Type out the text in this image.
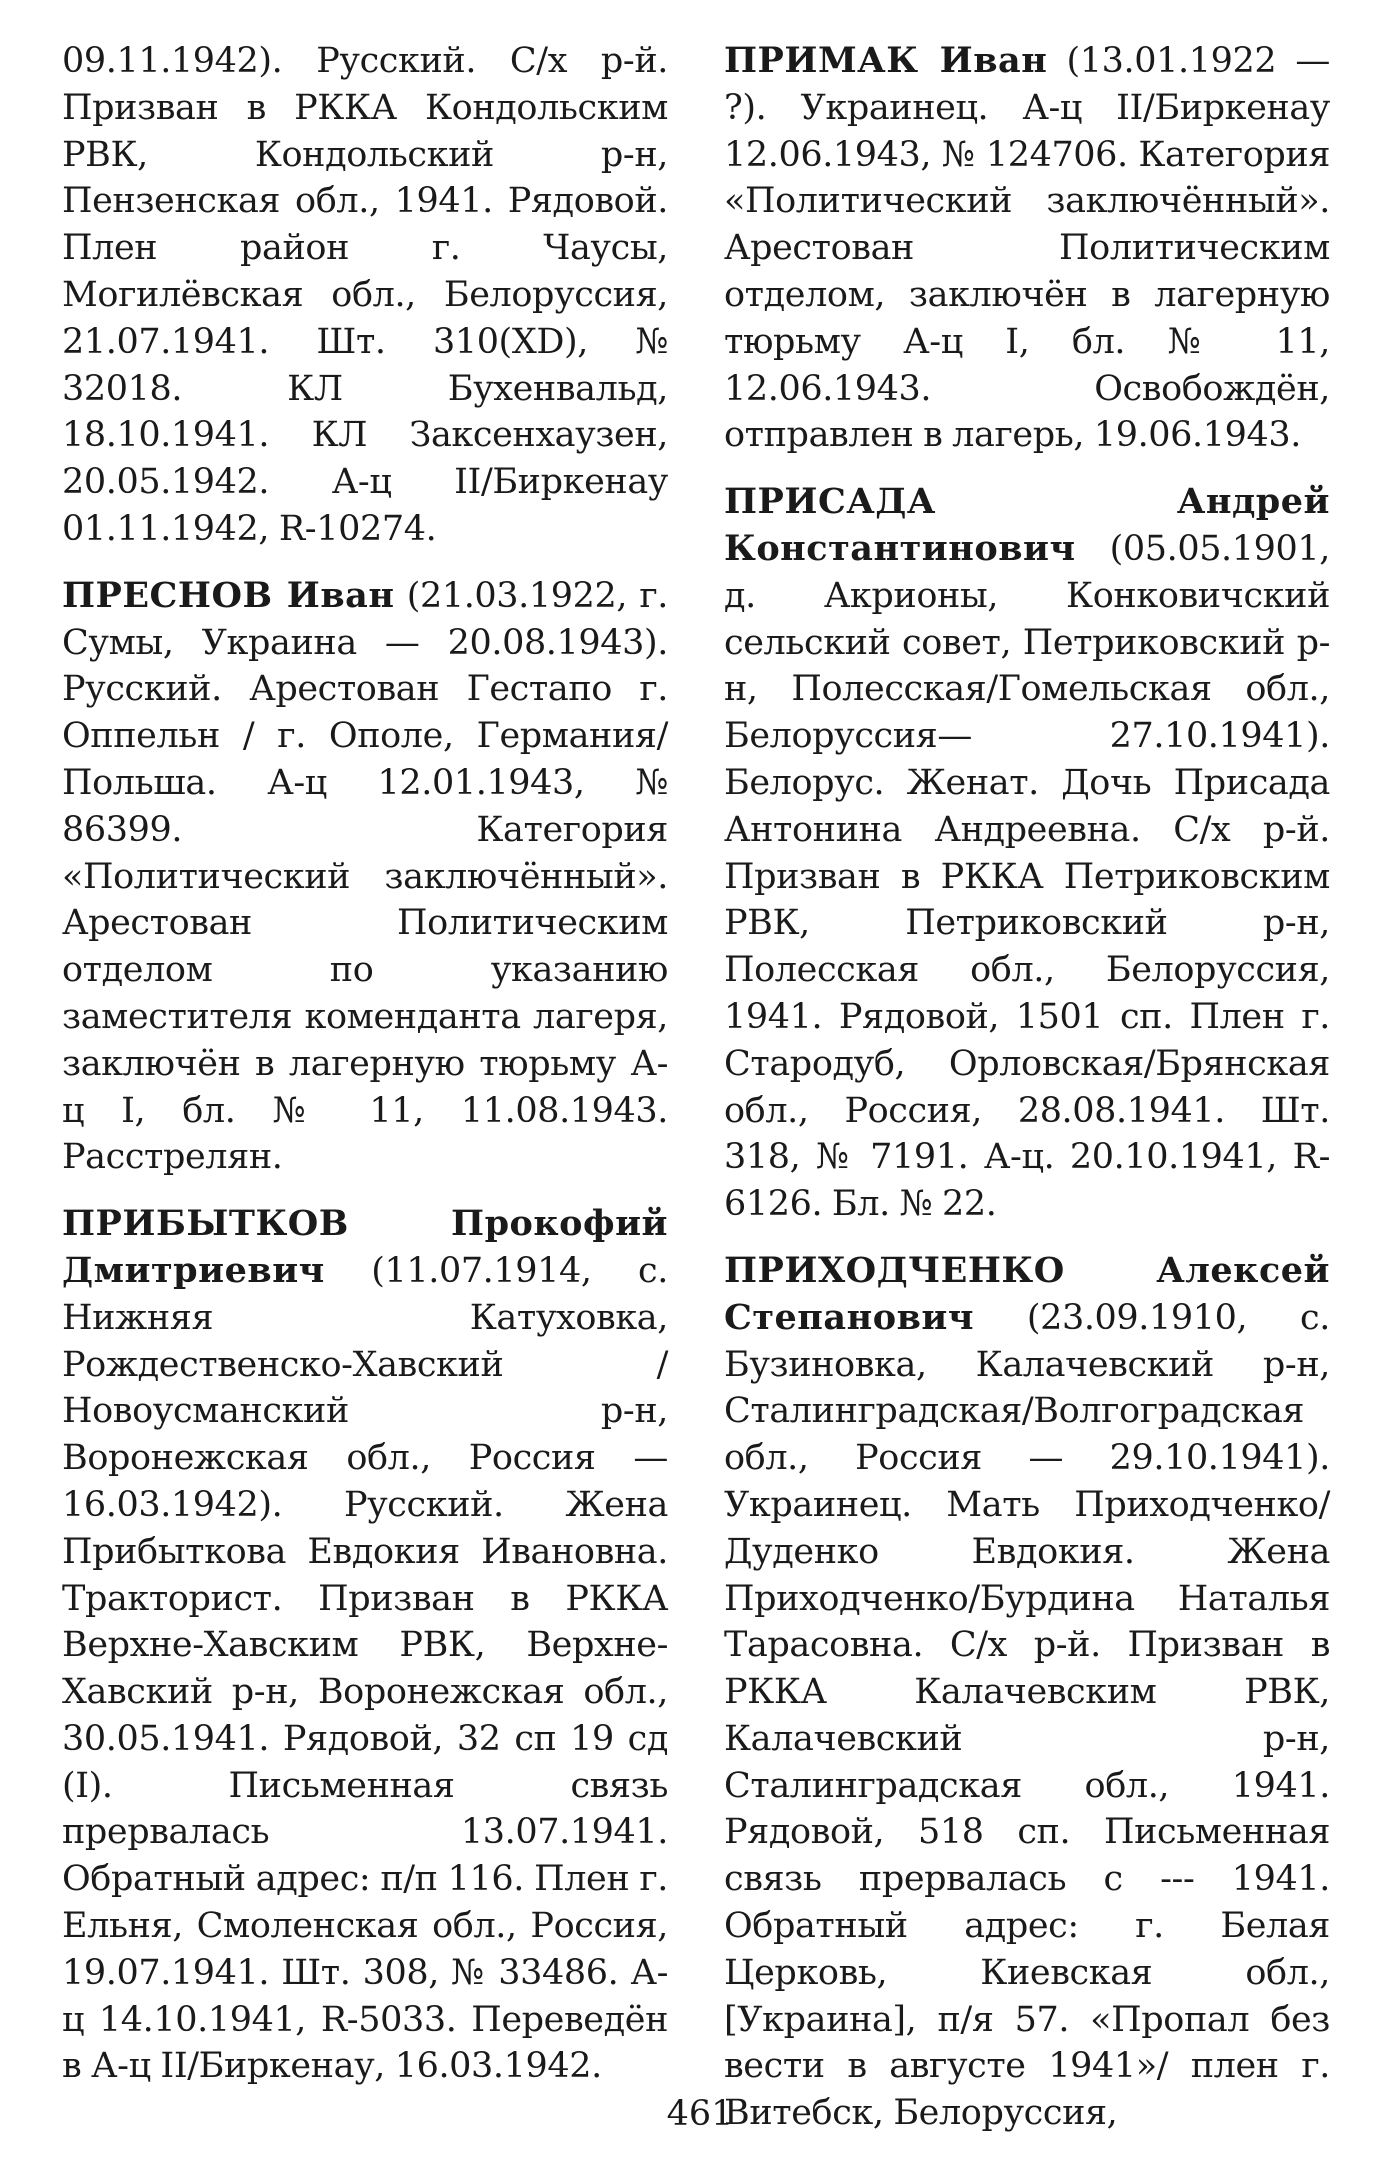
09.11.1942). Русский. С/х р-й. Призван в РККА Кондольским РВК, Кондольский р-н, Пензенская обл., 1941. Рядовой. Плен район г. Чаусы, Могилёвская обл., Белоруссия, 21.07.1941. Шт. 310(XD), № 32018. КЛ Бухенвальд, 18.10.1941. КЛ Заксенхаузен, 20.05.1942. А-ц II/Биркенау 01.11.1942, R-10274.

ПРЕСНОВ Иван (21.03.1922, г. Сумы, Украина — 20.08.1943). Русский. Арестован Гестапо г. Оппельн / г. Ополе, Германия/Польша. А-ц 12.01.1943, № 86399. Категория «Политический заключённый». Арестован Политическим отделом по указанию заместителя коменданта лагеря, заключён в лагерную тюрьму А-ц I, бл. № 11, 11.08.1943. Расстрелян.

ПРИБЫТКОВ Прокофий Дмитриевич (11.07.1914, с. Нижняя Катуховка, Рождественско-Хавский / Новоусманский р-н, Воронежская обл., Россия — 16.03.1942). Русский. Жена Прибыткова Евдокия Ивановна. Тракторист. Призван в РККА Верхне-Хавским РВК, Верхне-Хавский р-н, Воронежская обл., 30.05.1941. Рядовой, 32 сп 19 сд (I). Письменная связь прервалась 13.07.1941. Обратный адрес: п/п 116. Плен г. Ельня, Смоленская обл., Россия, 19.07.1941. Шт. 308, № 33486. А-ц 14.10.1941, R-5033. Переведён в А-ц II/Биркенау, 16.03.1942.

ПРИМАК Иван (13.01.1922 — ?). Украинец. А-ц II/Биркенау 12.06.1943, № 124706. Категория «Политический заключённый». Арестован Политическим отделом, заключён в лагерную тюрьму А-ц I, бл. № 11, 12.06.1943. Освобождён, отправлен в лагерь, 19.06.1943.

ПРИСАДА Андрей Константинович (05.05.1901, д. Акрионы, Конковичский сельский совет, Петриковский р-н, Полесская/Гомельская обл., Белоруссия— 27.10.1941). Белорус. Женат. Дочь Присада Антонина Андреевна. С/х р-й. Призван в РККА Петриковским РВК, Петриковский р-н, Полесская обл., Белоруссия, 1941. Рядовой, 1501 сп. Плен г. Стародуб, Орловская/Брянская обл., Россия, 28.08.1941. Шт. 318, № 7191. А-ц. 20.10.1941, R-6126. Бл. № 22.

ПРИХОДЧЕНКО Алексей Степанович (23.09.1910, с. Бузиновка, Калачевский р-н, Сталинградская/Волгоградская обл., Россия — 29.10.1941). Украинец. Мать Приходченко/Дуденко Евдокия. Жена Приходченко/Бурдина Наталья Тарасовна. С/х р-й. Призван в РККА Калачевским РВК, Калачевский р-н, Сталинградская обл., 1941. Рядовой, 518 сп. Письменная связь прервалась с --- 1941. Обратный адрес: г. Белая Церковь, Киевская обл., [Украина], п/я 57. «Пропал без вести в августе 1941»/ плен г. Витебск, Белоруссия,

461
